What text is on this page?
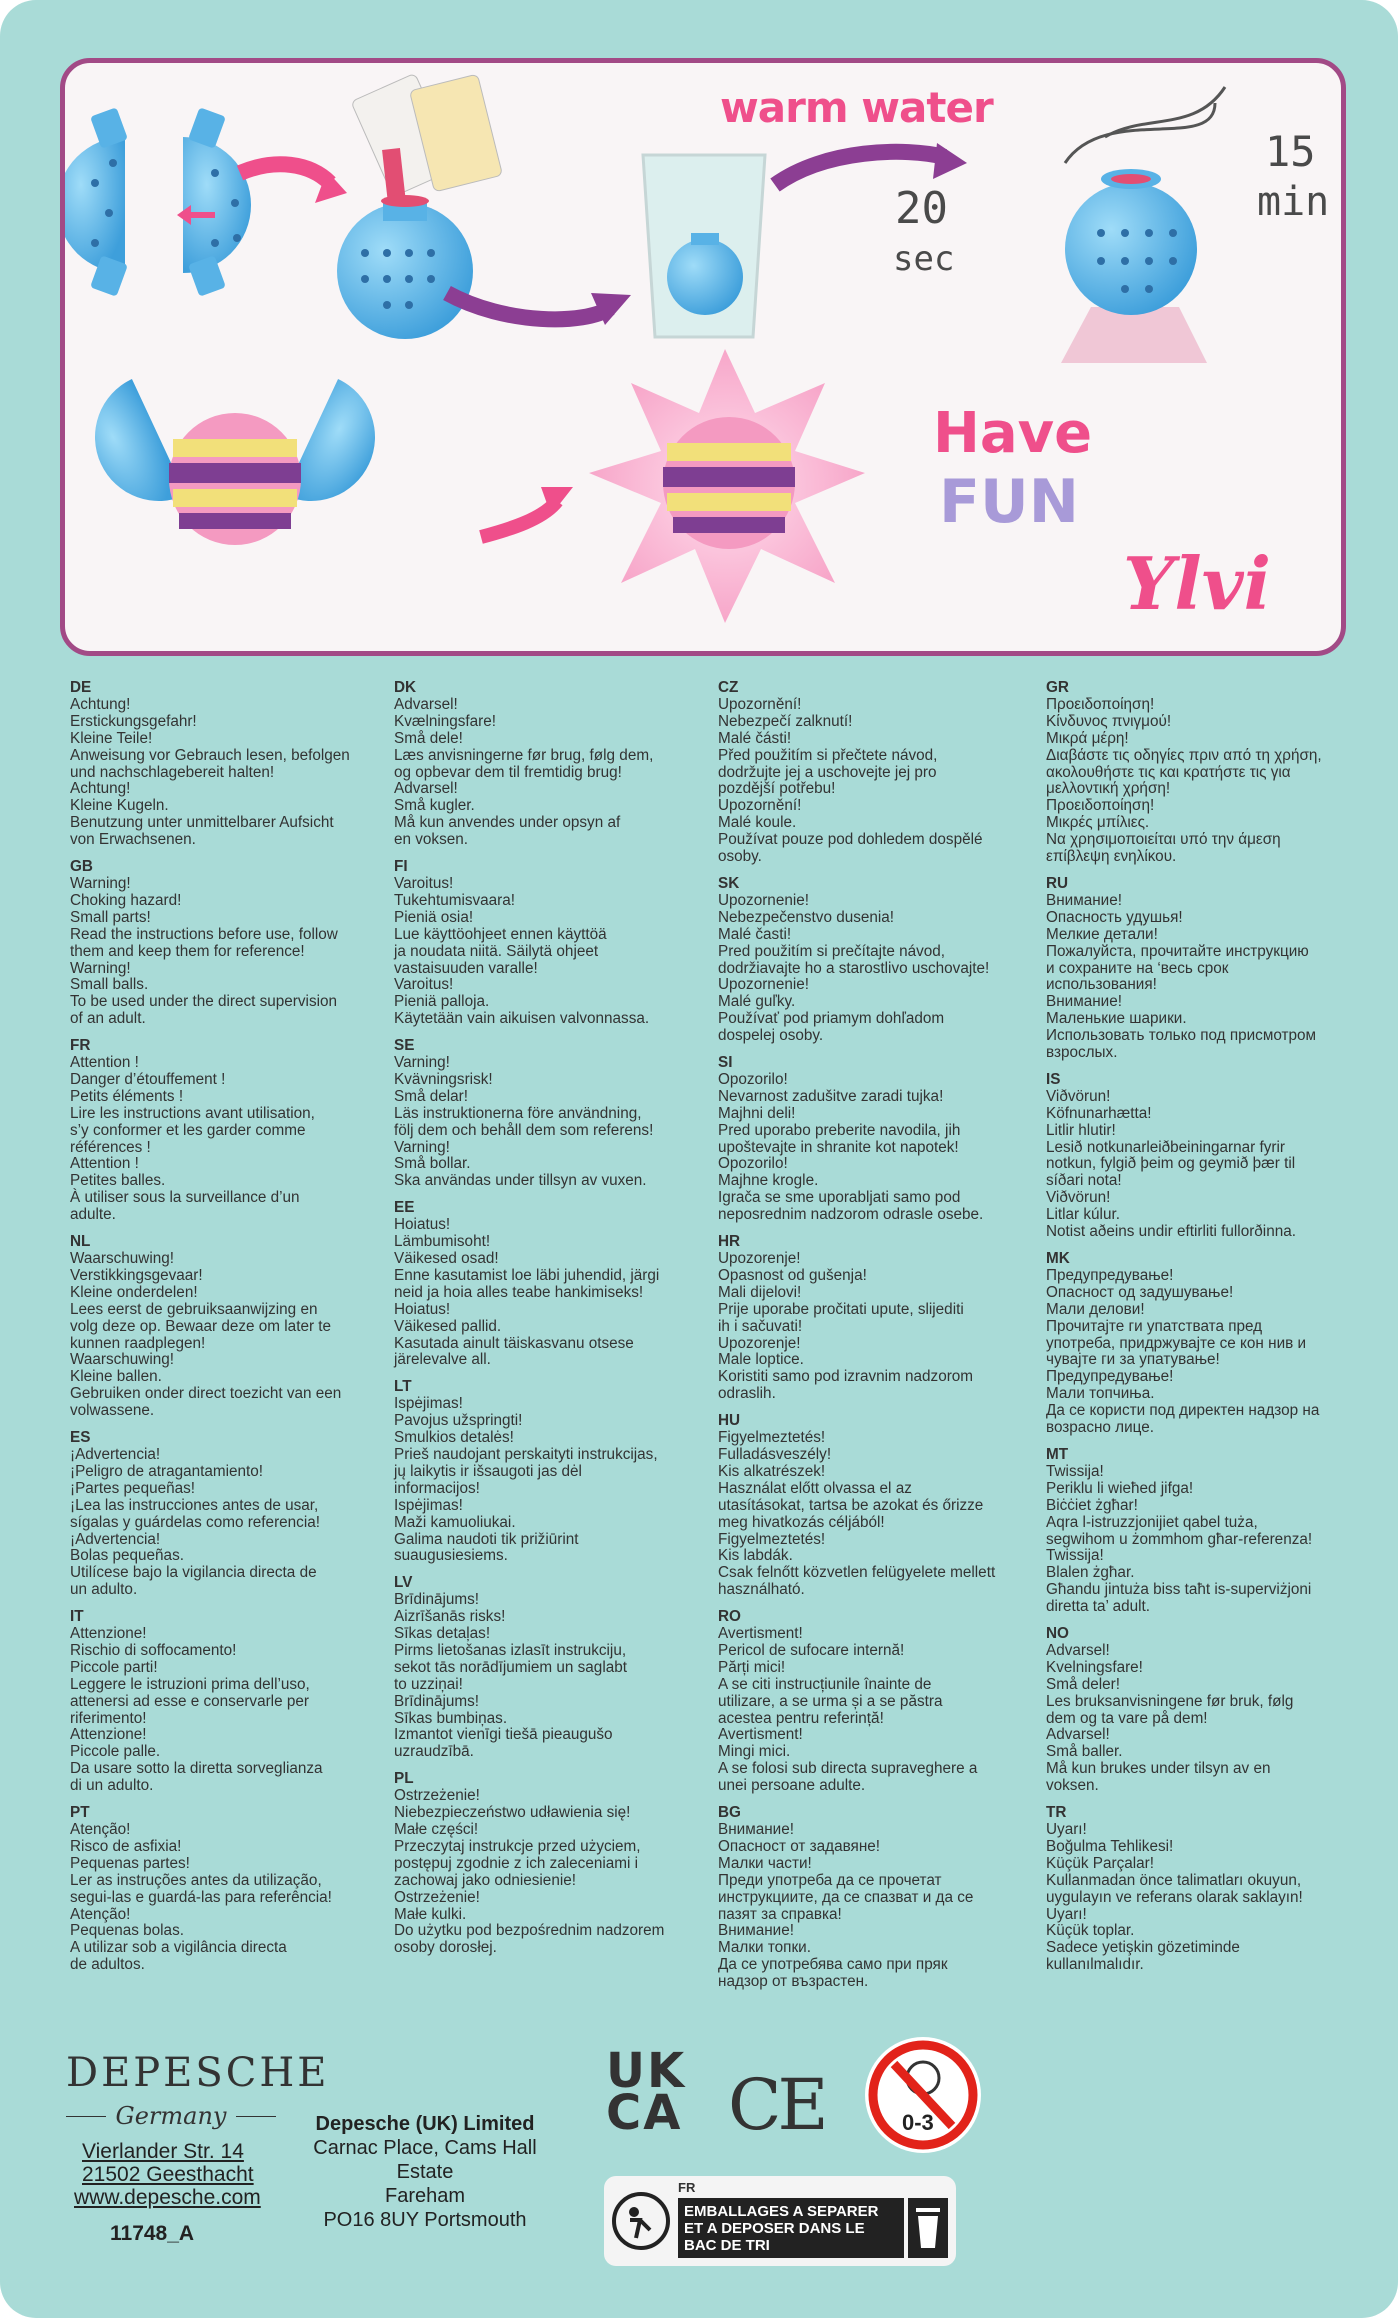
warm water
20
sec
15
min
Have
FUN
Ylvi
DE
Achtung!
Erstickungsgefahr!
Kleine Teile!
Anweisung vor Gebrauch lesen, befolgen
und nachschlagebereit halten!
Achtung!
Kleine Kugeln.
Benutzung unter unmittelbarer Aufsicht
von Erwachsenen.
GB
Warning!
Choking hazard!
Small parts!
Read the instructions before use, follow
them and keep them for reference!
Warning!
Small balls.
To be used under the direct supervision
of an adult.
FR
Attention !
Danger d’étouffement !
Petits éléments !
Lire les instructions avant utilisation,
s’y conformer et les garder comme
références !
Attention !
Petites balles.
À utiliser sous la surveillance d’un
adulte.
NL
Waarschuwing!
Verstikkingsgevaar!
Kleine onderdelen!
Lees eerst de gebruiksaanwijzing en
volg deze op. Bewaar deze om later te
kunnen raadplegen!
Waarschuwing!
Kleine ballen.
Gebruiken onder direct toezicht van een
volwassene.
ES
¡Advertencia!
¡Peligro de atragantamiento!
¡Partes pequeñas!
¡Lea las instrucciones antes de usar,
sígalas y guárdelas como referencia!
¡Advertencia!
Bolas pequeñas.
Utilícese bajo la vigilancia directa de
un adulto.
IT
Attenzione!
Rischio di soffocamento!
Piccole parti!
Leggere le istruzioni prima dell’uso,
attenersi ad esse e conservarle per
riferimento!
Attenzione!
Piccole palle.
Da usare sotto la diretta sorveglianza
di un adulto.
PT
Atenção!
Risco de asfixia!
Pequenas partes!
Ler as instruções antes da utilização,
segui-las e guardá-las para referência!
Atenção!
Pequenas bolas.
A utilizar sob a vigilância directa
de adultos.
DK
Advarsel!
Kvælningsfare!
Små dele!
Læs anvisningerne før brug, følg dem,
og opbevar dem til fremtidig brug!
Advarsel!
Små kugler.
Må kun anvendes under opsyn af
en voksen.
FI
Varoitus!
Tukehtumisvaara!
Pieniä osia!
Lue käyttöohjeet ennen käyttöä
ja noudata niitä. Säilytä ohjeet
vastaisuuden varalle!
Varoitus!
Pieniä palloja.
Käytetään vain aikuisen valvonnassa.
SE
Varning!
Kvävningsrisk!
Små delar!
Läs instruktionerna före användning,
följ dem och behåll dem som referens!
Varning!
Små bollar.
Ska användas under tillsyn av vuxen.
EE
Hoiatus!
Lämbumisoht!
Väikesed osad!
Enne kasutamist loe läbi juhendid, järgi
neid ja hoia alles teabe hankimiseks!
Hoiatus!
Väikesed pallid.
Kasutada ainult täiskasvanu otsese
järelevalve all.
LT
Ispėjimas!
Pavojus užspringti!
Smulkios detalės!
Prieš naudojant perskaityti instrukcijas,
jų laikytis ir išsaugoti jas dėl
informacijos!
Ispėjimas!
Maži kamuoliukai.
Galima naudoti tik prižiūrint
suaugusiesiems.
LV
Brīdinājums!
Aizrīšanās risks!
Sīkas detaļas!
Pirms lietošanas izlasīt instrukciju,
sekot tās norādījumiem un saglabt
to uzziņai!
Brīdinājums!
Sīkas bumbiņas.
Izmantot vienīgi tiešā pieaugušo
uzraudzībā.
PL
Ostrzeżenie!
Niebezpieczeństwo udławienia się!
Małe części!
Przeczytaj instrukcje przed użyciem,
postępuj zgodnie z ich zaleceniami i
zachowaj jako odniesienie!
Ostrzeżenie!
Małe kulki.
Do użytku pod bezpośrednim nadzorem
osoby dorosłej.
CZ
Upozornění!
Nebezpečí zalknutí!
Malé části!
Před použitím si přečtete návod,
dodržujte jej a uschovejte jej pro
pozdější potřebu!
Upozornění!
Malé koule.
Používat pouze pod dohledem dospělé
osoby.
SK
Upozornenie!
Nebezpečenstvo dusenia!
Malé časti!
Pred použitím si prečítajte návod,
dodržiavajte ho a starostlivo uschovajte!
Upozornenie!
Malé guľky.
Používať pod priamym dohľadom
dospelej osoby.
SI
Opozorilo!
Nevarnost zadušitve zaradi tujka!
Majhni deli!
Pred uporabo preberite navodila, jih
upoštevajte in shranite kot napotek!
Opozorilo!
Majhne krogle.
Igrača se sme uporabljati samo pod
neposrednim nadzorom odrasle osebe.
HR
Upozorenje!
Opasnost od gušenja!
Mali dijelovi!
Prije uporabe pročitati upute, slijediti
ih i sačuvati!
Upozorenje!
Male loptice.
Koristiti samo pod izravnim nadzorom
odraslih.
HU
Figyelmeztetés!
Fulladásveszély!
Kis alkatrészek!
Használat előtt olvassa el az
utasításokat, tartsa be azokat és őrizze
meg hivatkozás céljából!
Figyelmeztetés!
Kis labdák.
Csak felnőtt közvetlen felügyelete mellett
használható.
RO
Avertisment!
Pericol de sufocare internă!
Părți mici!
A se citi instrucțiunile înainte de
utilizare, a se urma și a se păstra
acestea pentru referință!
Avertisment!
Mingi mici.
A se folosi sub directa supraveghere a
unei persoane adulte.
BG
Внимание!
Опасност от задавяне!
Малки части!
Преди употреба да се прочетат
инструкциите, да се спазват и да се
пазят за справка!
Внимание!
Малки топки.
Да се употребява само при пряк
надзор от възрастен.
GR
Προειδοποίηση!
Κίνδυνος πνιγμού!
Μικρά μέρη!
Διαβάστε τις οδηγίες πριν από τη χρήση,
ακολουθήστε τις και κρατήστε τις για
μελλοντική χρήση!
Προειδοποίηση!
Μικρές μπίλιες.
Να χρησιμοποιείται υπό την άμεση
επίβλεψη ενηλίκου.
RU
Внимание!
Опасность удушья!
Мелкие детали!
Пожалуйста, прочитайте инструкцию
и сохраните на ‘весь срок
использования!
Внимание!
Маленькие шарики.
Использовать только под присмотром
взрослых.
IS
Viðvörun!
Köfnunarhætta!
Litlir hlutir!
Lesið notkunarleiðbeiningarnar fyrir
notkun, fylgið þeim og geymið þær til
síðari nota!
Viðvörun!
Litlar kúlur.
Notist aðeins undir eftirliti fullorðinna.
MK
Предупредување!
Опасност од задушување!
Мали делови!
Прочитајте ги упатствата пред
употреба, придржувајте се кон нив и
чувајте ги за упатување!
Предупредување!
Мали топчиња.
Да се користи под директен надзор на
возрасно лице.
MT
Twissija!
Periklu li wieħed jifga!
Biċċiet żgħar!
Aqra l-istruzzjonijiet qabel tuża,
segwihom u żommhom għar-referenza!
Twissija!
Blalen żgħar.
Għandu jintuża biss taħt is-superviżjoni
diretta ta’ adult.
NO
Advarsel!
Kvelningsfare!
Små deler!
Les bruksanvisningene før bruk, følg
dem og ta vare på dem!
Advarsel!
Små baller.
Må kun brukes under tilsyn av en
voksen.
TR
Uyarı!
Boğulma Tehlikesi!
Küçük Parçalar!
Kullanmadan önce talimatları okuyun,
uygulayın ve referans olarak saklayın!
Uyarı!
Küçük toplar.
Sadece yetişkin gözetiminde
kullanılmalıdır.
DEPESCHE
Germany
Vierlander Str. 14
21502 Geesthacht
www.depesche.com
11748_A
Depesche (UK) Limited
Carnac Place, Cams Hall Estate
Fareham
PO16 8UY Portsmouth
UK
CA CE	0-3
FR
EMBALLAGES A SEPARER ET A DEPOSER DANS LE BAC DE TRI
